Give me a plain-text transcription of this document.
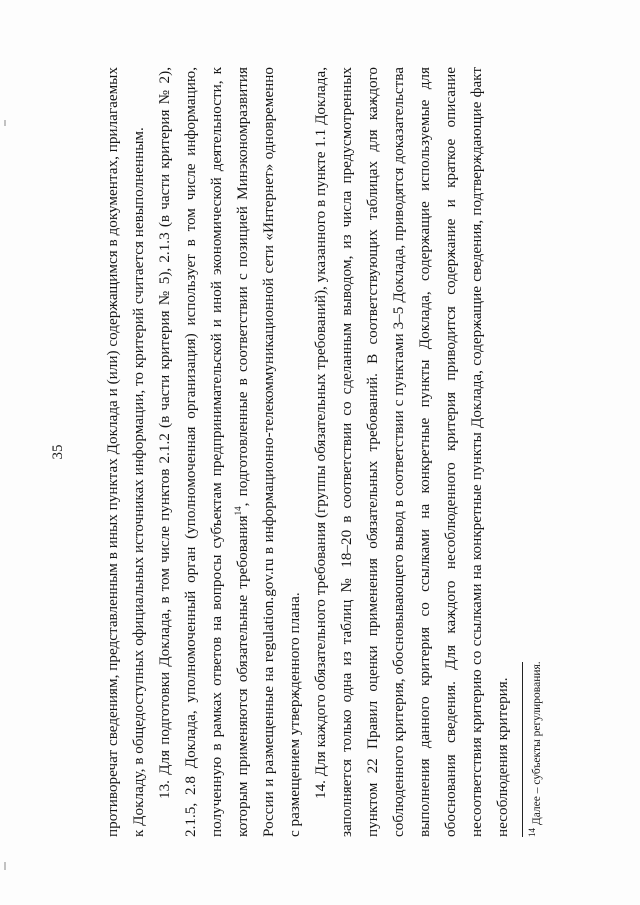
35	противоречат сведениям, представленным в иных пунктах Доклада и (или) содержащимся в документах, прилагаемых к Докладу, в общедоступных официальных источниках информации, то критерий считается невыполненным. 13. Для подготовки Доклада, в том числе пунктов 2.1.2 (в части критерия № 5), 2.1.3 (в части критерия № 2), 2.1.5, 2.8 Доклада, уполномоченный орган (уполномоченная организация) использует в том числе информацию, полученную в рамках ответов на вопросы субъектам предпринимательской и иной экономической деятельности, к которым применяются обязательные требования$^{14}$, подготовленные в соответствии с позицией Минэкономразвития России и размещенные на regulation.gov.ru в информационно-телекоммуникационной сети «Интернет» одновременно с размещением утвержденного плана. 14. Для каждого обязательного требования (группы обязательных требований), указанного в пункте 1.1 Доклада, заполняется только одна из таблиц № 18–20 в соответствии со сделанным выводом, из числа предусмотренных пунктом 22 Правил оценки применения обязательных требований. В соответствующих таблицах для каждого соблюденного критерия, обосновывающего вывод в соответствии с пунктами 3–5 Доклада, приводятся доказательства выполнения данного критерия со ссылками на конкретные пункты Доклада, содержащие используемые для обоснования сведения. Для каждого несоблюденного критерия приводится содержание и краткое описание несоответствия критерию со ссылками на конкретные пункты Доклада, содержащие сведения, подтверждающие факт несоблюдения критерия.	$^{14}$ Далее – субъекты регулирования.
